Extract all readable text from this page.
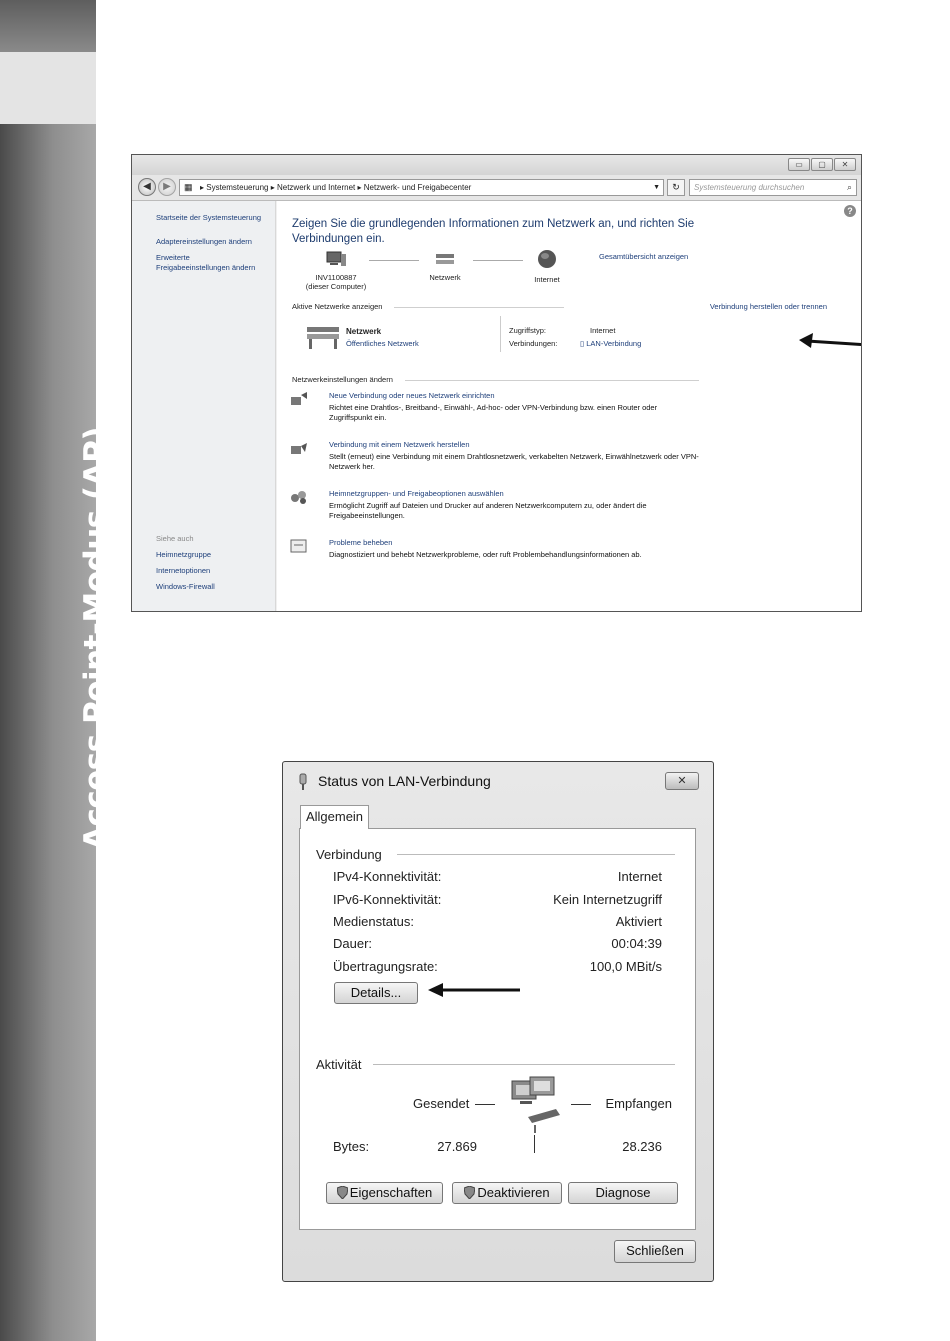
Access Point-Modus (AP)
▭	▢	✕
◀	▶	▦ ▸ Systemsteuerung ▸ Netzwerk und Internet ▸ Netzwerk- und Freigabecenter	▼	↻	Systemsteuerung durchsuchen	⌕
Startseite der Systemsteuerung
Adaptereinstellungen ändern
Erweiterte
Freigabeeinstellungen ändern
Siehe auch
Heimnetzgruppe
Internetoptionen
Windows-Firewall
?
Zeigen Sie die grundlegenden Informationen zum Netzwerk an, und richten Sie Verbindungen ein.
INV1100887
(dieser Computer)
Netzwerk	Internet
Gesamtübersicht anzeigen
Aktive Netzwerke anzeigen	Verbindung herstellen oder trennen
Netzwerk
Öffentliches Netzwerk
Zugriffstyp:	Internet
Verbindungen:	▯ LAN-Verbindung
Netzwerkeinstellungen ändern
Neue Verbindung oder neues Netzwerk einrichten
Richtet eine Drahtlos-, Breitband-, Einwähl-, Ad-hoc- oder VPN-Verbindung bzw. einen Router oder Zugriffspunkt ein.
Verbindung mit einem Netzwerk herstellen
Stellt (erneut) eine Verbindung mit einem Drahtlosnetzwerk, verkabelten Netzwerk, Einwählnetzwerk oder VPN-Netzwerk her.
Heimnetzgruppen- und Freigabeoptionen auswählen
Ermöglicht Zugriff auf Dateien und Drucker auf anderen Netzwerkcomputern zu, oder ändert die Freigabeeinstellungen.
Probleme beheben
Diagnostiziert und behebt Netzwerkprobleme, oder ruft Problembehandlungsinformationen ab.
Status von LAN-Verbindung	✕
Allgemein
Verbindung
IPv4-Konnektivität:	Internet
IPv6-Konnektivität:	Kein Internetzugriff
Medienstatus:	Aktiviert
Dauer:	00:04:39
Übertragungsrate:	100,0 MBit/s
Details...
Aktivität
Gesendet	Empfangen
Bytes:	27.869	28.236
Eigenschaften	Deaktivieren	Diagnose
Schließen
